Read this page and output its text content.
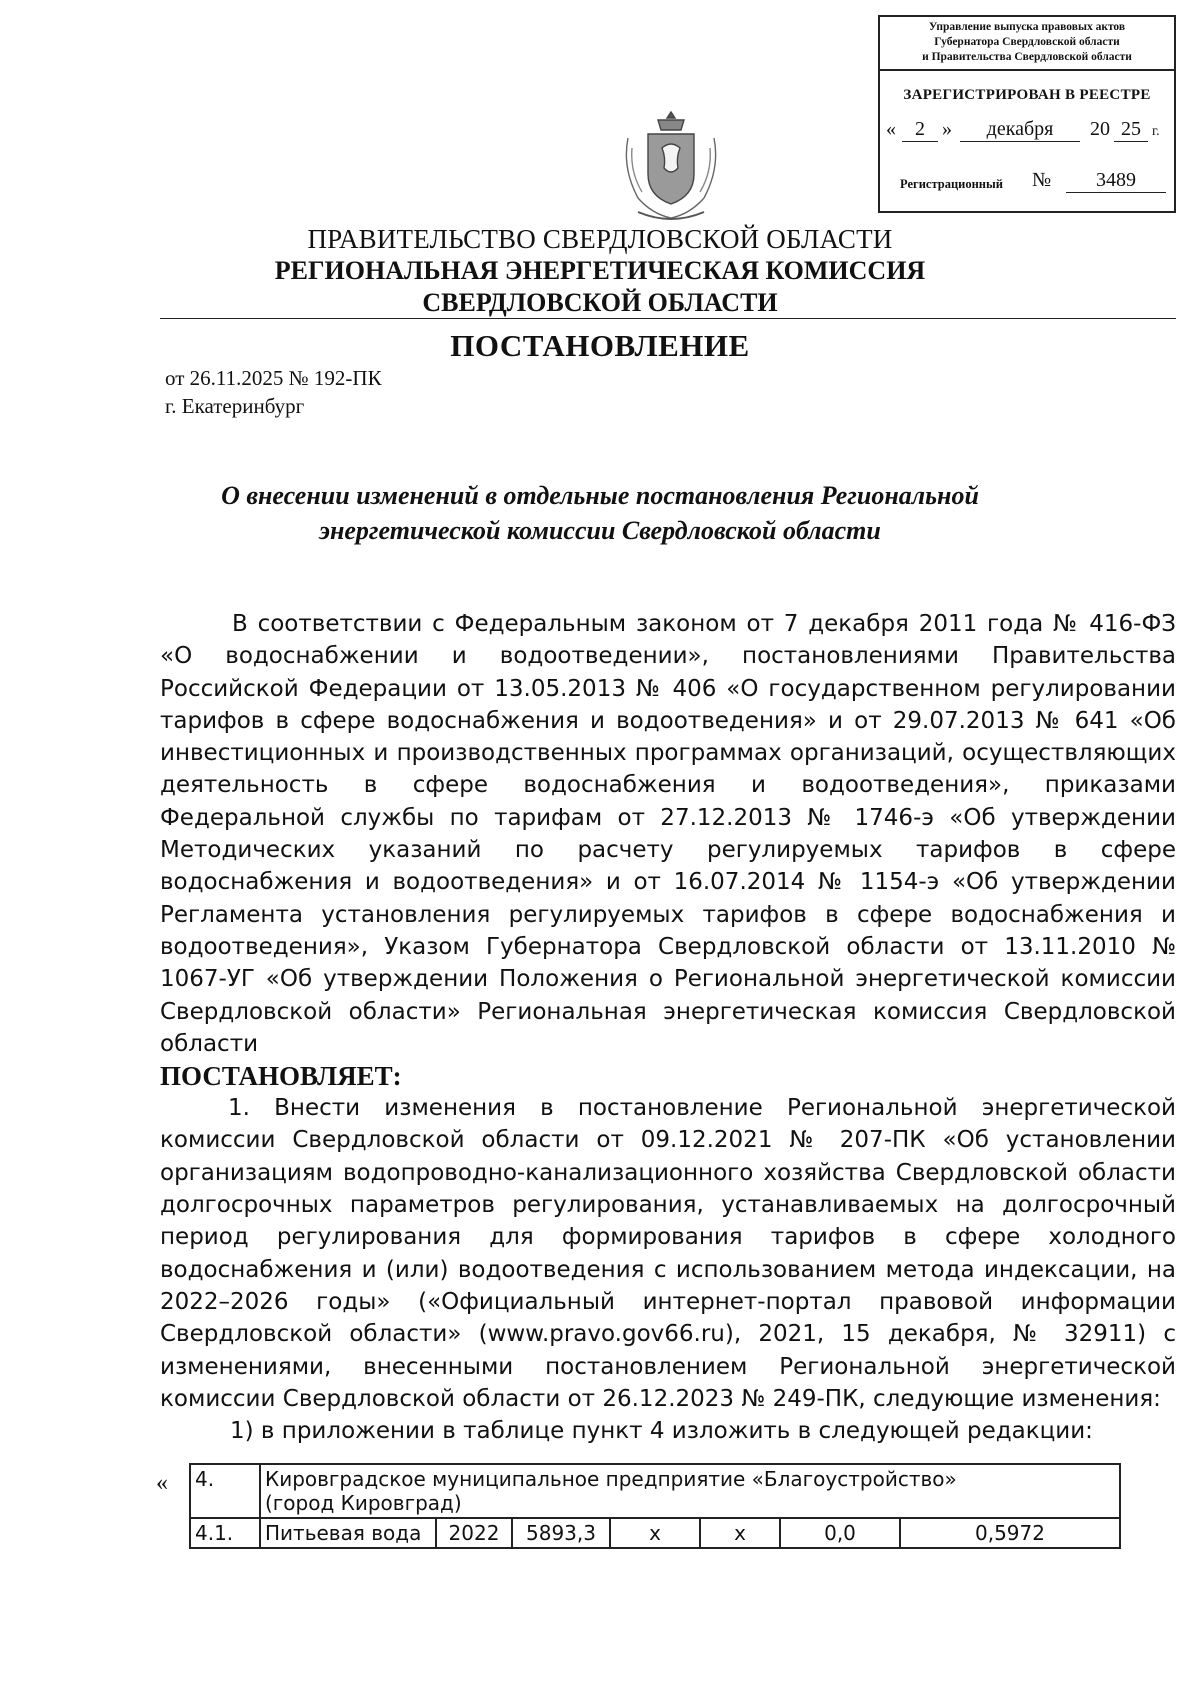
Управление выпуска правовых актов
Губернатора Свердловской области
и Правительства Свердловской области
ЗАРЕГИСТРИРОВАН В РЕЕСТРЕ
« 2 »	декабря	20 25 г.
Регистрационный №	3489
ПРАВИТЕЛЬСТВО СВЕРДЛОВСКОЙ ОБЛАСТИ
РЕГИОНАЛЬНАЯ ЭНЕРГЕТИЧЕСКАЯ КОМИССИЯ
СВЕРДЛОВСКОЙ ОБЛАСТИ
ПОСТАНОВЛЕНИЕ
от 26.11.2025 № 192-ПК
г. Екатеринбург
О внесении изменений в отдельные постановления Региональной
энергетической комиссии Свердловской области

В соответствии с Федеральным законом от 7 декабря 2011 года № 416-ФЗ «О водоснабжении и водоотведении», постановлениями Правительства Российской Федерации от 13.05.2013 № 406 «О государственном регулировании тарифов в сфере водоснабжения и водоотведения» и от 29.07.2013 № 641 «Об инвестиционных и производственных программах организаций, осуществляющих деятельность в сфере водоснабжения и водоотведения», приказами Федеральной службы по тарифам от 27.12.2013 № 1746-э «Об утверждении Методических указаний по расчету регулируемых тарифов в сфере водоснабжения и водоотведения» и от 16.07.2014 № 1154-э «Об утверждении Регламента установления регулируемых тарифов в сфере водоснабжения и водоотведения», Указом Губернатора Свердловской области от 13.11.2010 № 1067-УГ «Об утверждении Положения о Региональной энергетической комиссии Свердловской области» Региональная энергетическая комиссия Свердловской области

ПОСТАНОВЛЯЕТ:

1. Внести изменения в постановление Региональной энергетической комиссии Свердловской области от 09.12.2021 № 207-ПК «Об установлении организациям водопроводно-канализационного хозяйства Свердловской области долгосрочных параметров регулирования, устанавливаемых на долгосрочный период регулирования для формирования тарифов в сфере холодного водоснабжения и (или) водоотведения с использованием метода индексации, на 2022–2026 годы» («Официальный интернет-портал правовой информации Свердловской области» (www.pravo.gov66.ru), 2021, 15 декабря, № 32911) с изменениями, внесенными постановлением Региональной энергетической комиссии Свердловской области от 26.12.2023 № 249-ПК, следующие изменения:

1) в приложении в таблице пункт 4 изложить в следующей редакции:

« 4.	Кировградское муниципальное предприятие «Благоустройство»
(город Кировград)						

4.1.	Питьевая вода	2022	5893,3	x	x	0,0	0,5972
